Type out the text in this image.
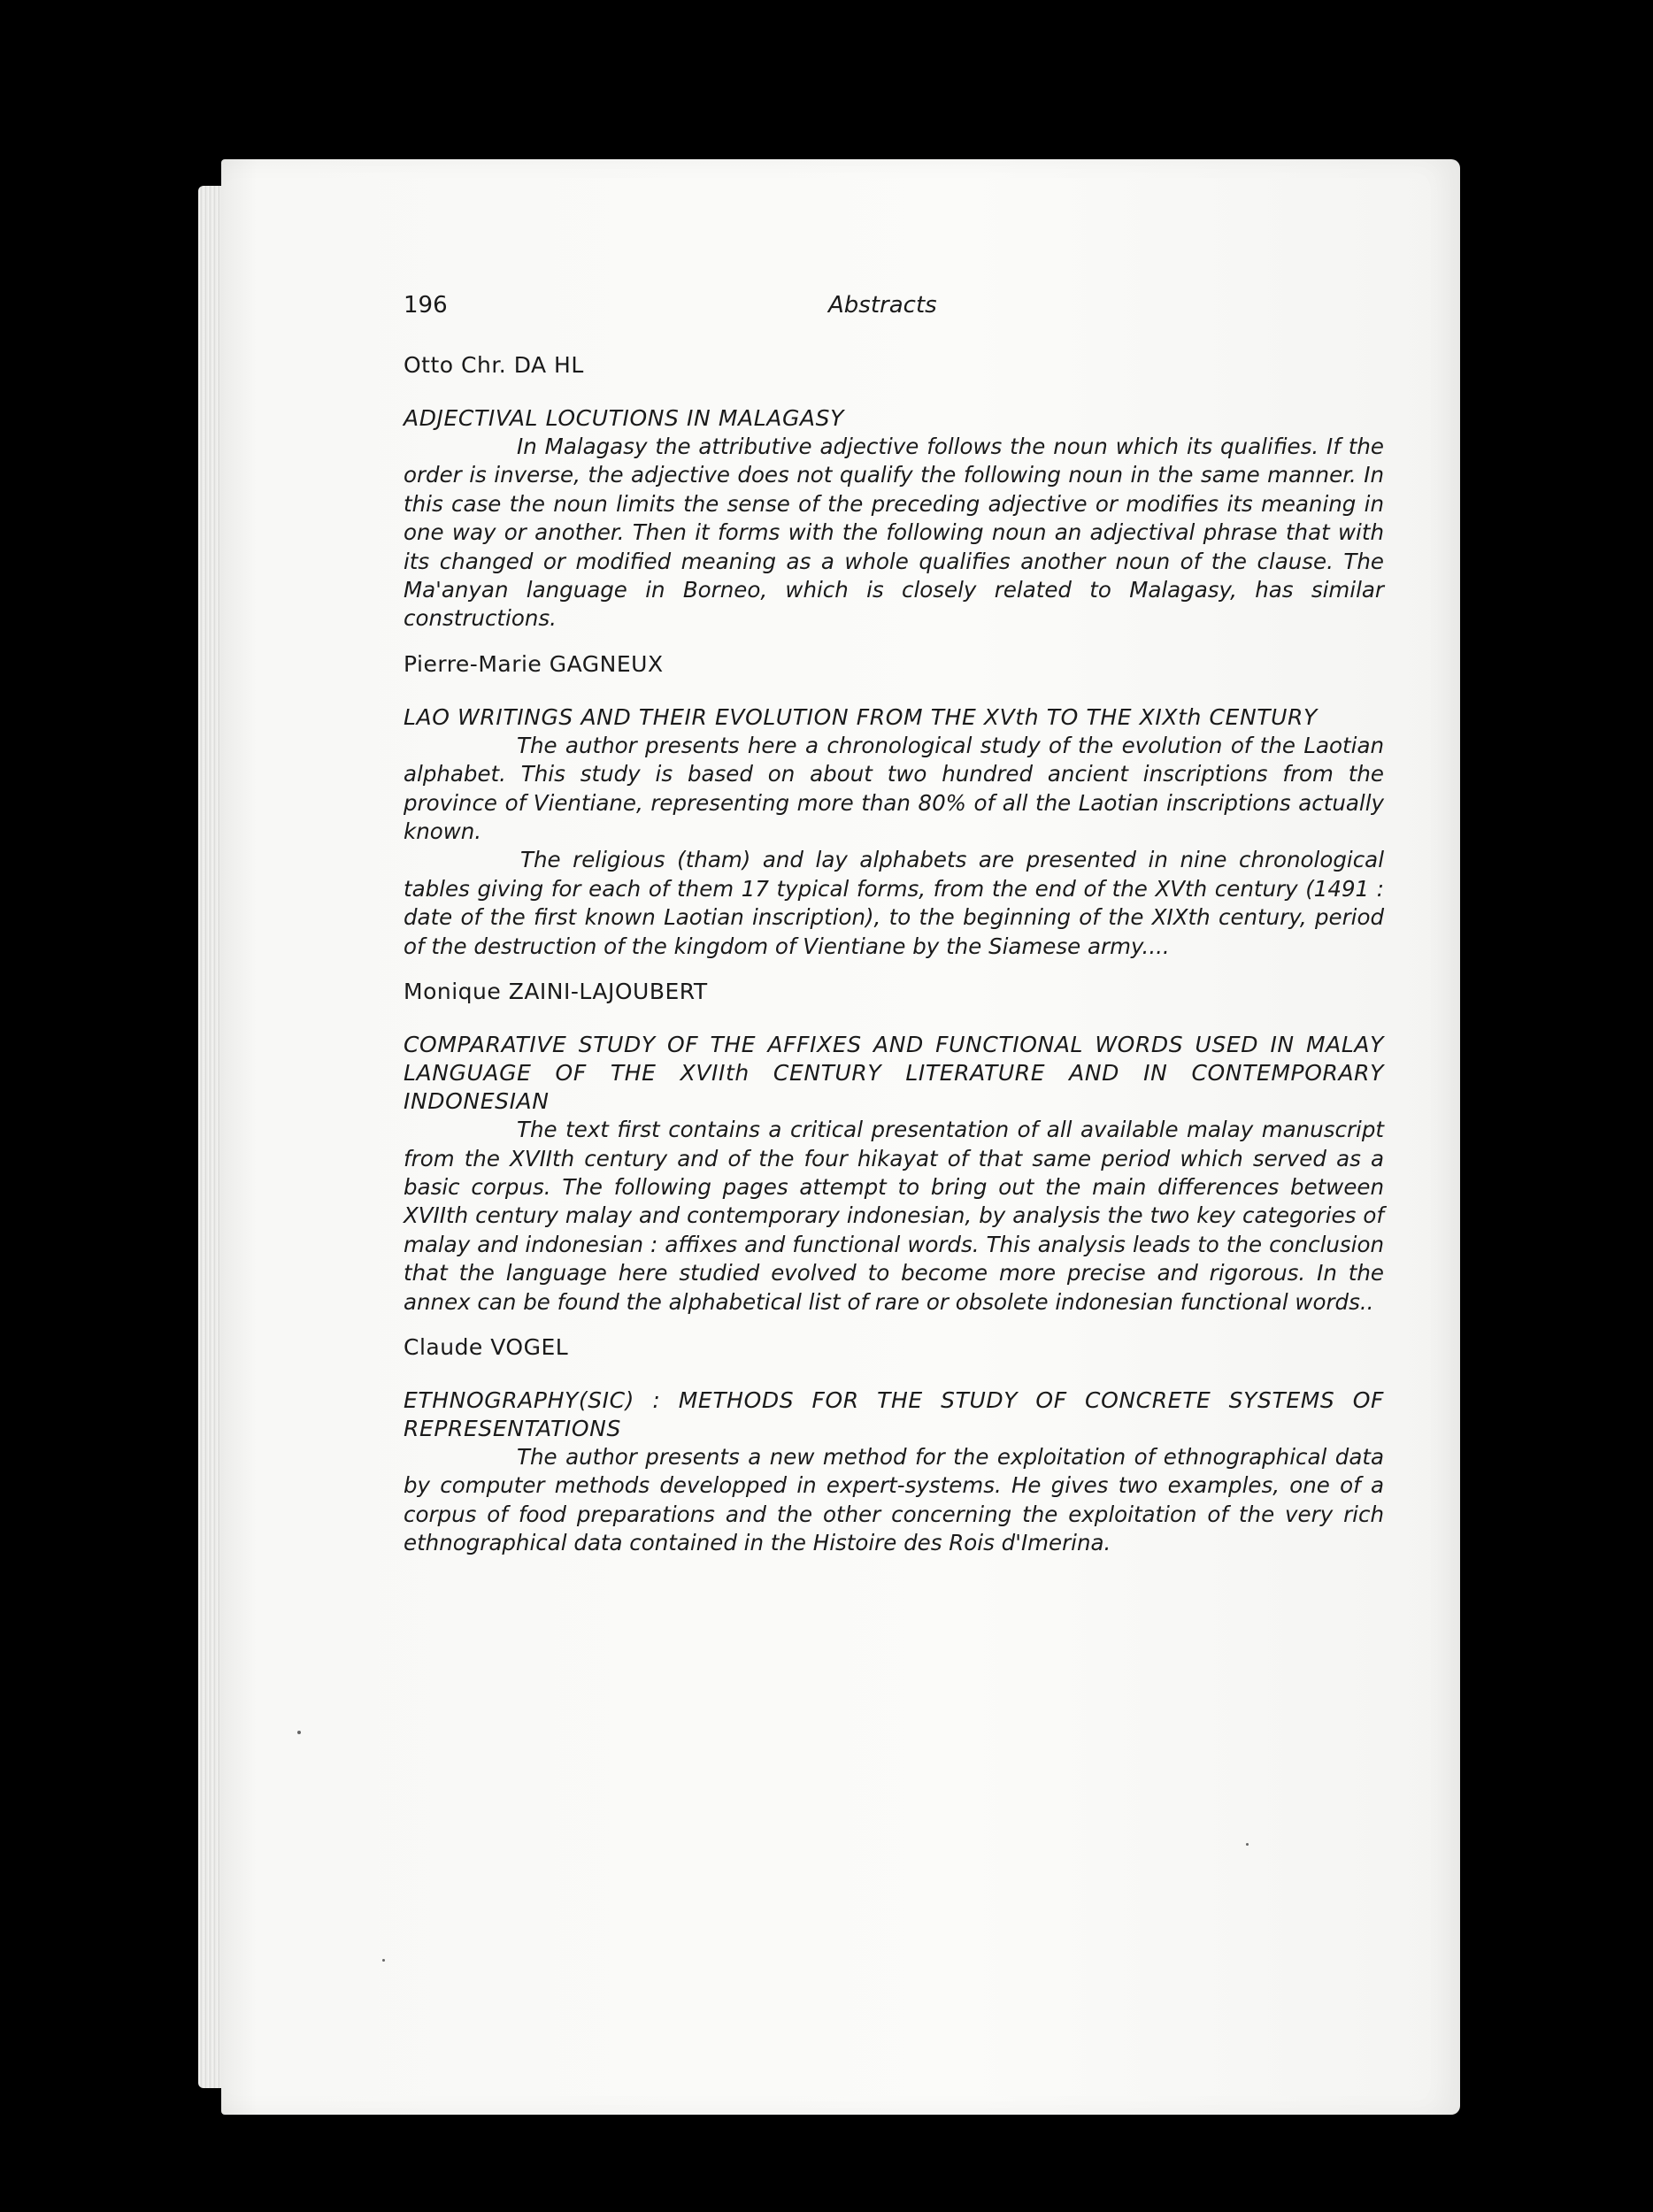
196	Abstracts
Otto Chr. DA HL
ADJECTIVAL LOCUTIONS IN MALAGASY

In Malagasy the attributive adjective follows the noun which its qualifies. If the order is inverse, the adjective does not qualify the following noun in the same manner. In this case the noun limits the sense of the preceding adjective or modifies its meaning in one way or another. Then it forms with the following noun an adjectival phrase that with its changed or modified meaning as a whole qualifies another noun of the clause. The Ma'anyan language in Borneo, which is closely related to Malagasy, has similar constructions.

Pierre-Marie GAGNEUX
LAO WRITINGS AND THEIR EVOLUTION FROM THE XVth TO THE XIXth CENTURY

The author presents here a chronological study of the evolution of the Laotian alphabet. This study is based on about two hundred ancient inscriptions from the province of Vientiane, representing more than 80% of all the Laotian inscriptions actually known.

The religious (tham) and lay alphabets are presented in nine chronological tables giving for each of them 17 typical forms, from the end of the XVth century (1491 : date of the first known Laotian inscription), to the beginning of the XIXth century, period of the destruction of the kingdom of Vientiane by the Siamese army....

Monique ZAINI-LAJOUBERT
COMPARATIVE STUDY OF THE AFFIXES AND FUNCTIONAL WORDS USED IN MALAY LANGUAGE OF THE XVIIth CENTURY LITERATURE AND IN CONTEMPORARY INDONESIAN

The text first contains a critical presentation of all available malay manuscript from the XVIIth century and of the four hikayat of that same period which served as a basic corpus. The following pages attempt to bring out the main differences between XVIIth century malay and contemporary indonesian, by analysis the two key categories of malay and indonesian : affixes and functional words. This analysis leads to the conclusion that the language here studied evolved to become more precise and rigorous. In the annex can be found the alphabetical list of rare or obsolete indonesian functional words..

Claude VOGEL
ETHNOGRAPHY(SIC) : METHODS FOR THE STUDY OF CONCRETE SYSTEMS OF REPRESENTATIONS

The author presents a new method for the exploitation of ethnographical data by computer methods developped in expert-systems. He gives two examples, one of a corpus of food preparations and the other concerning the exploitation of the very rich ethnographical data contained in the Histoire des Rois d'Imerina.
